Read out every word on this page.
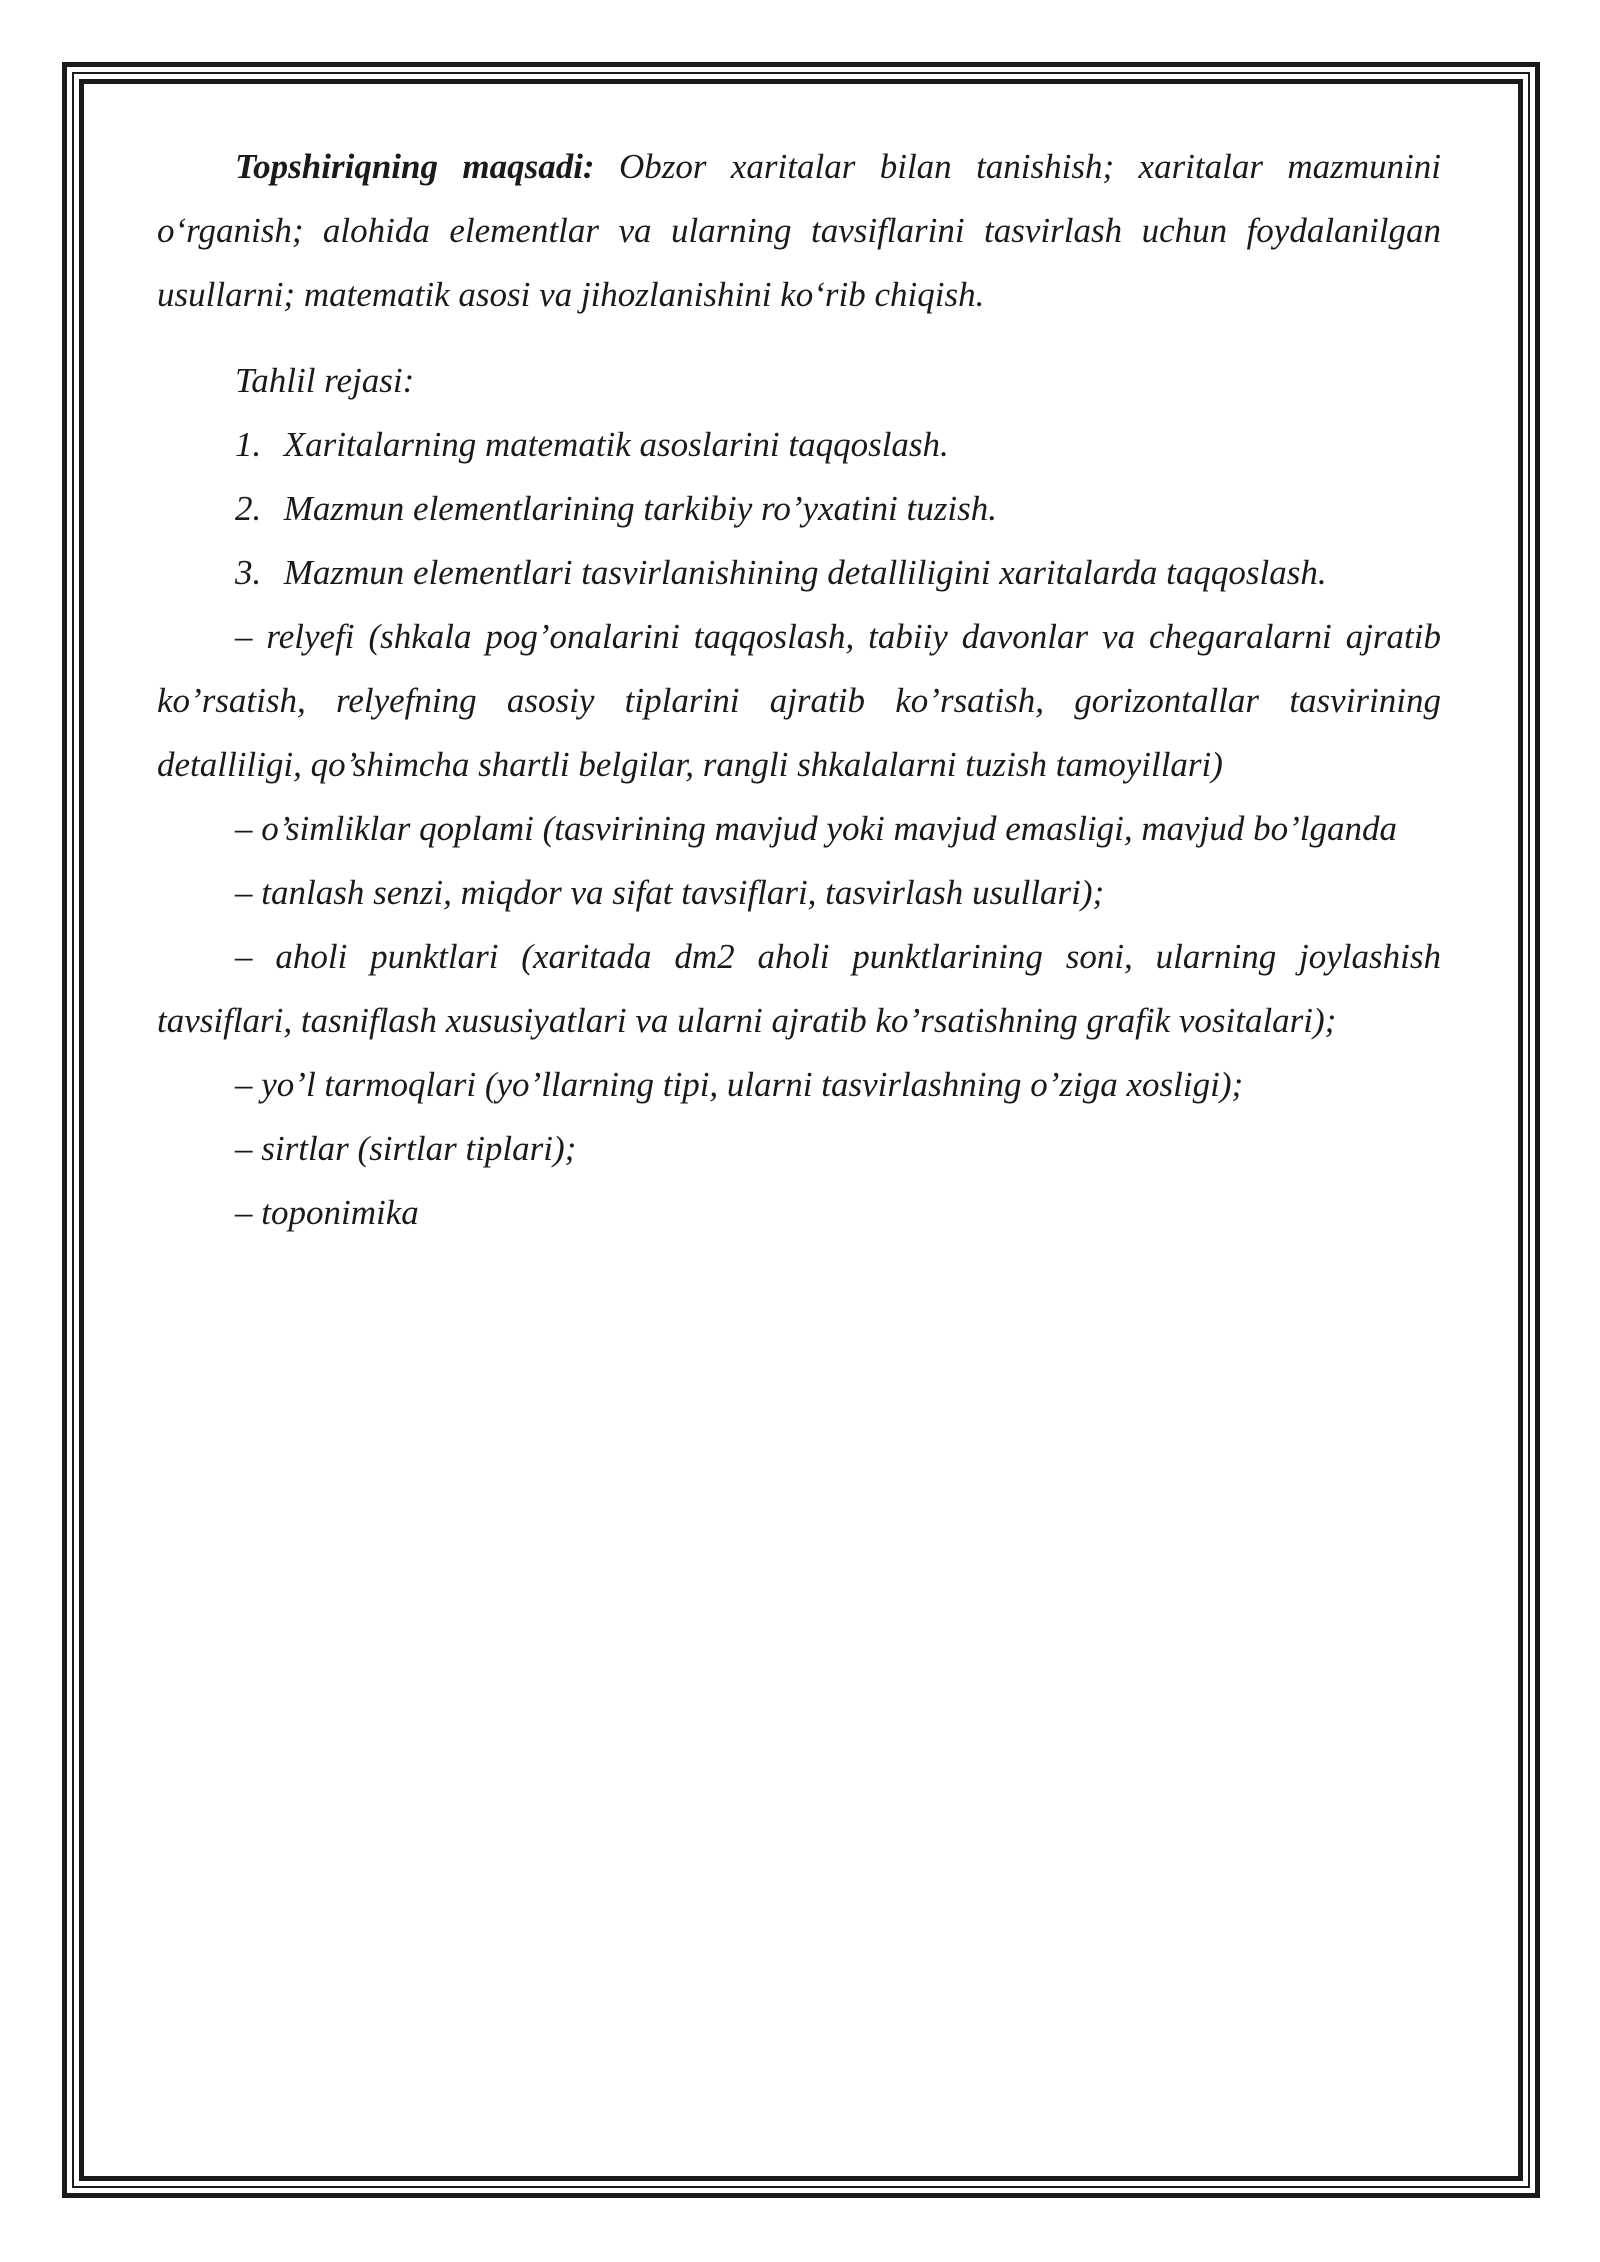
Topshiriqning maqsadi: Obzor xaritalar bilan tanishish; xaritalar mazmunini o‘rganish; alohida elementlar va ularning tavsiflarini tasvirlash uchun foydalanilgan usullarni; matematik asosi va jihozlanishini ko‘rib chiqish.

Tahlil rejasi:

1. Xaritalarning matematik asoslarini taqqoslash.
2. Mazmun elementlarining tarkibiy ro’yxatini tuzish.
3. Mazmun elementlari tasvirlanishining detalliligini xaritalarda taqqoslash.

– relyefi (shkala pog’onalarini taqqoslash, tabiiy davonlar va chegaralarni ajratib ko’rsatish, relyefning asosiy tiplarini ajratib ko’rsatish, gorizontallar tasvirining detalliligi, qo’shimcha shartli belgilar, rangli shkalalarni tuzish tamoyillari)

– o’simliklar qoplami (tasvirining mavjud yoki mavjud emasligi, mavjud bo’lganda

– tanlash senzi, miqdor va sifat tavsiflari, tasvirlash usullari);

– aholi punktlari (xaritada dm2 aholi punktlarining soni, ularning joylashish tavsiflari, tasniflash xususiyatlari va ularni ajratib ko’rsatishning grafik vositalari);

– yo’l tarmoqlari (yo’llarning tipi, ularni tasvirlashning o’ziga xosligi);

– sirtlar (sirtlar tiplari);

– toponimika
